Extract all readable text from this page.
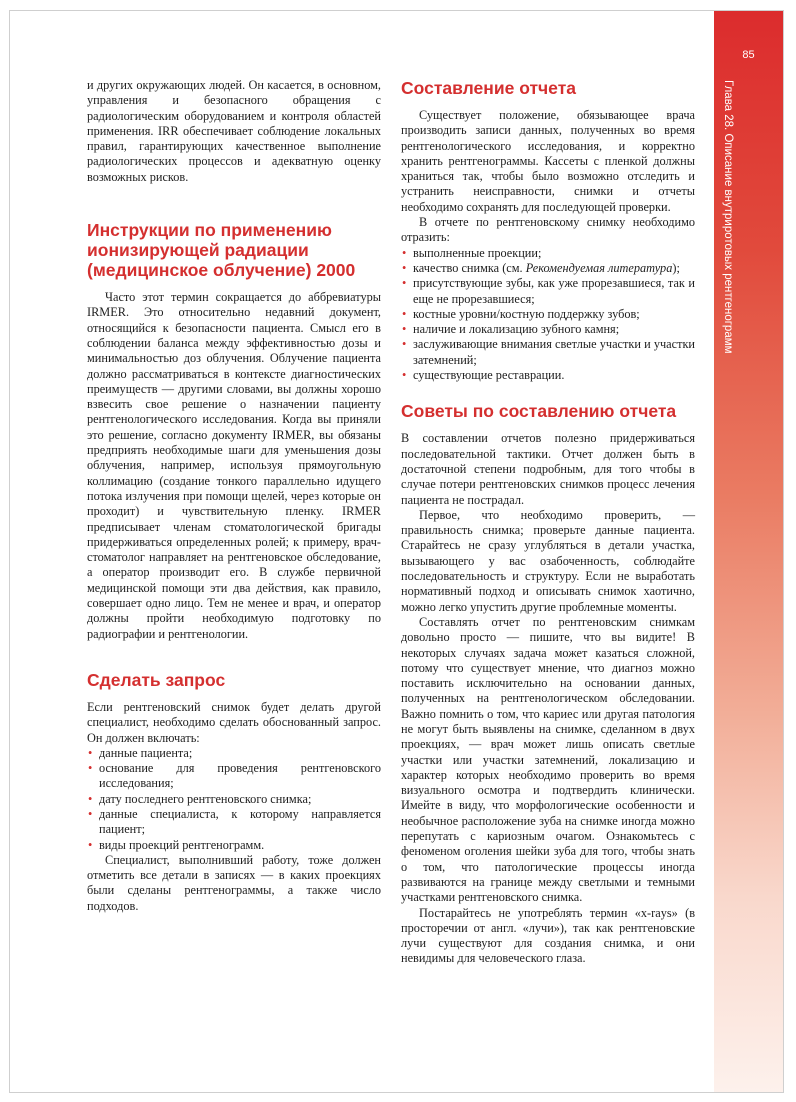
85
Глава 28. Описание внутриротовых рентгенограмм

и других окружающих людей. Он касается, в основном, управления и безопасного обращения с радиологическим оборудованием и контроля областей применения. IRR обеспечивает соблюдение локальных правил, гарантирующих качественное выполнение радиологических процессов и адекватную оценку возможных рисков.

Инструкции по применению ионизирующей радиации (медицинское облучение) 2000

Часто этот термин сокращается до аббревиатуры IRMER. Это относительно недавний документ, относящийся к безопасности пациента. Смысл его в соблюдении баланса между эффективностью дозы и минимальностью доз облучения. Облучение пациента должно рассматриваться в контексте диагностических преимуществ — другими словами, вы должны хорошо взвесить свое решение о назначении пациенту рентгенологического исследования. Когда вы приняли это решение, согласно документу IRMER, вы обязаны предприять необходимые шаги для уменьшения дозы облучения, например, используя прямоугольную коллимацию (создание тонкого параллельно идущего потока излучения при помощи щелей, через которые он проходит) и чувствительную пленку. IRMER предписывает членам стоматологической бригады придерживаться определенных ролей; к примеру, врач-стоматолог направляет на рентгеновское обследование, а оператор производит его. В службе первичной медицинской помощи эти два действия, как правило, совершает одно лицо. Тем не менее и врач, и оператор должны пройти необходимую подготовку по радиографии и рентгенологии.

Сделать запрос

Если рентгеновский снимок будет делать другой специалист, необходимо сделать обоснованный запрос. Он должен включать:

• данные пациента;
• основание для проведения рентгеновского исследования;
• дату последнего рентгеновского снимка;
• данные специалиста, к которому направляется пациент;
• виды проекций рентгенограмм.

Специалист, выполнивший работу, тоже должен отметить все детали в записях — в каких проекциях были сделаны рентгенограммы, а также число подходов.

Составление отчета

Существует положение, обязывающее врача производить записи данных, полученных во время рентгенологического исследования, и корректно хранить рентгенограммы. Кассеты с пленкой должны храниться так, чтобы было возможно отследить и устранить неисправности, снимки и отчеты необходимо сохранять для последующей проверки.

В отчете по рентгеновскому снимку необходимо отразить:

• выполненные проекции;
• качество снимка (см. Рекомендуемая литература);
• присутствующие зубы, как уже прорезавшиеся, так и еще не прорезавшиеся;
• костные уровни/костную поддержку зубов;
• наличие и локализацию зубного камня;
• заслуживающие внимания светлые участки и участки затемнений;
• существующие реставрации.
Советы по составлению отчета

В составлении отчетов полезно придерживаться последовательной тактики. Отчет должен быть в достаточной степени подробным, для того чтобы в случае потери рентгеновских снимков процесс лечения пациента не пострадал.

Первое, что необходимо проверить, — правильность снимка; проверьте данные пациента. Старайтесь не сразу углубляться в детали участка, вызывающего у вас озабоченность, соблюдайте последовательность и структуру. Если не выработать нормативный подход и описывать снимок хаотично, можно легко упустить другие проблемные моменты.

Составлять отчет по рентгеновским снимкам довольно просто — пишите, что вы видите! В некоторых случаях задача может казаться сложной, потому что существует мнение, что диагноз можно поставить исключительно на основании данных, полученных на рентгенологическом обследовании. Важно помнить о том, что кариес или другая патология не могут быть выявлены на снимке, сделанном в двух проекциях, — врач может лишь описать светлые участки или участки затемнений, локализацию и характер которых необходимо проверить во время визуального осмотра и подтвердить клинически. Имейте в виду, что морфологические особенности и необычное расположение зуба на снимке иногда можно перепутать с кариозным очагом. Ознакомьтесь с феноменом оголения шейки зуба для того, чтобы знать о том, что патологические процессы иногда развиваются на границе между светлыми и темными участками рентгеновского снимка.

Постарайтесь не употреблять термин «x-rays» (в просторечии от англ. «лучи»), так как рентгеновские лучи существуют для создания снимка, и они невидимы для человеческого глаза.
